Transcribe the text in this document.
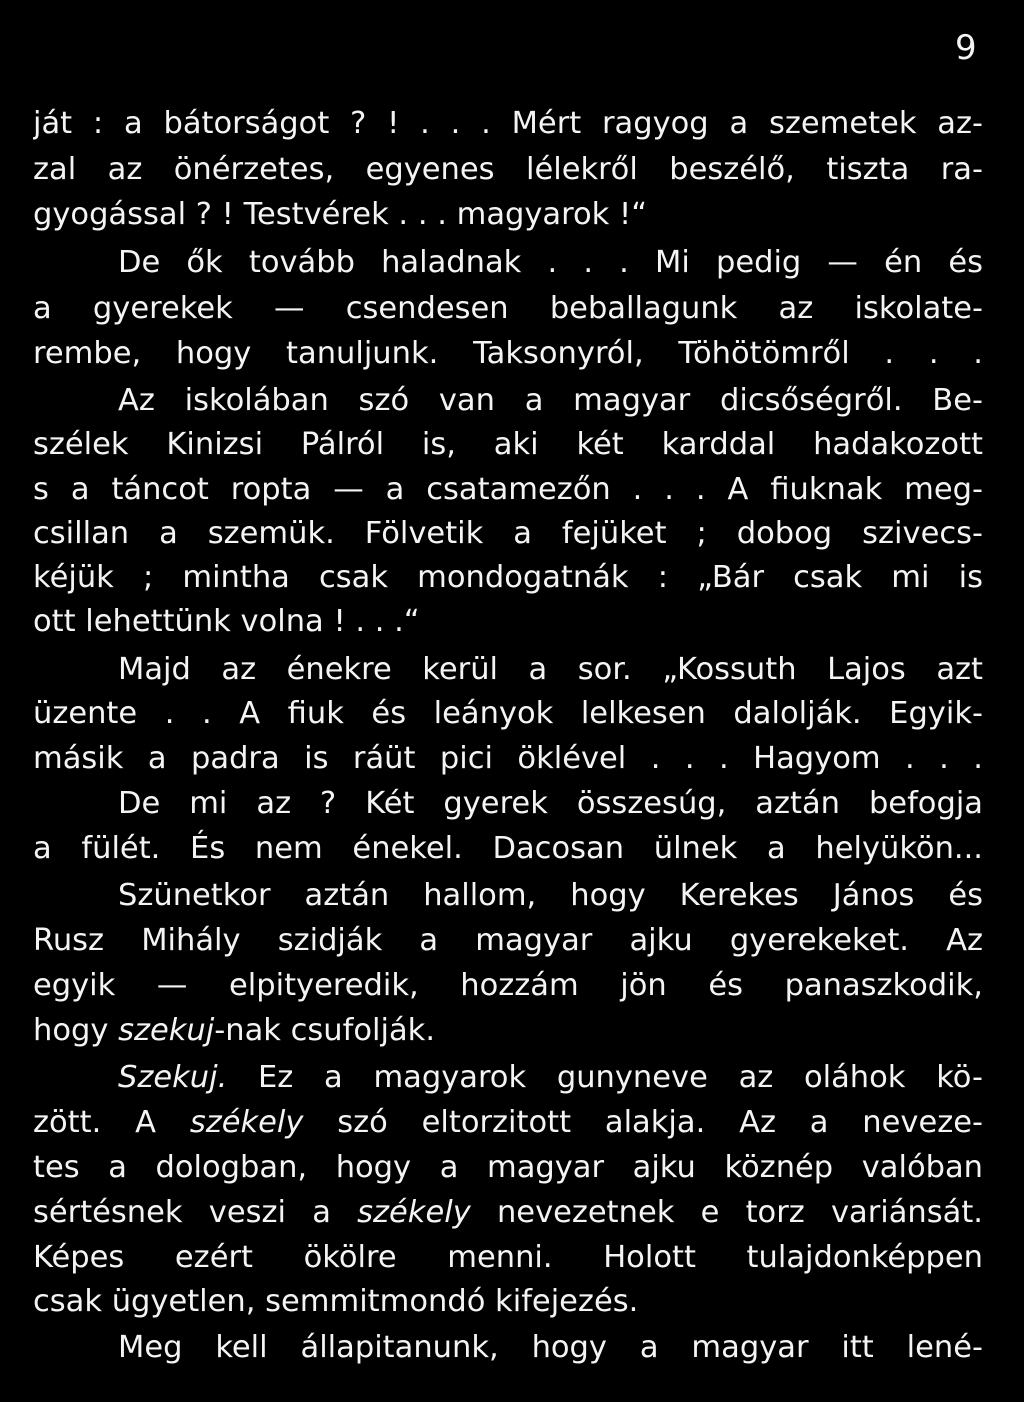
9
ját : a bátorságot ? ! . . . Mért ragyog a szemetek az-
zal az önérzetes, egyenes lélekről beszélő, tiszta ra-
gyogással ? ! Testvérek . . . magyarok !“
De ők tovább haladnak . . . Mi pedig — én és
a gyerekek — csendesen beballagunk az iskolate-
rembe, hogy tanuljunk. Taksonyról, Töhötömről . . .
Az iskolában szó van a magyar dicsőségről. Be-
szélek Kinizsi Pálról is, aki két karddal hadakozott
s a táncot ropta — a csatamezőn . . . A fiuknak meg-
csillan a szemük. Fölvetik a fejüket ; dobog szivecs-
kéjük ; mintha csak mondogatnák : „Bár csak mi is
ott lehettünk volna ! . . .“
Majd az énekre kerül a sor. „Kossuth Lajos azt
üzente . . A fiuk és leányok lelkesen dalolják. Egyik-
másik a padra is ráüt pici öklével . . . Hagyom . . .
De mi az ? Két gyerek összesúg, aztán befogja
a fülét. És nem énekel. Dacosan ülnek a helyükön...
Szünetkor aztán hallom, hogy Kerekes János és
Rusz Mihály szidják a magyar ajku gyerekeket. Az
egyik — elpityeredik, hozzám jön és panaszkodik,
hogy szekuj-nak csufolják.
Szekuj. Ez a magyarok gunyneve az oláhok kö-
zött. A székely szó eltorzitott alakja. Az a neveze-
tes a dologban, hogy a magyar ajku köznép valóban
sértésnek veszi a székely nevezetnek e torz variánsát.
Képes ezért ökölre menni. Holott tulajdonképpen
csak ügyetlen, semmitmondó kifejezés.
Meg kell állapitanunk, hogy a magyar itt lené-
